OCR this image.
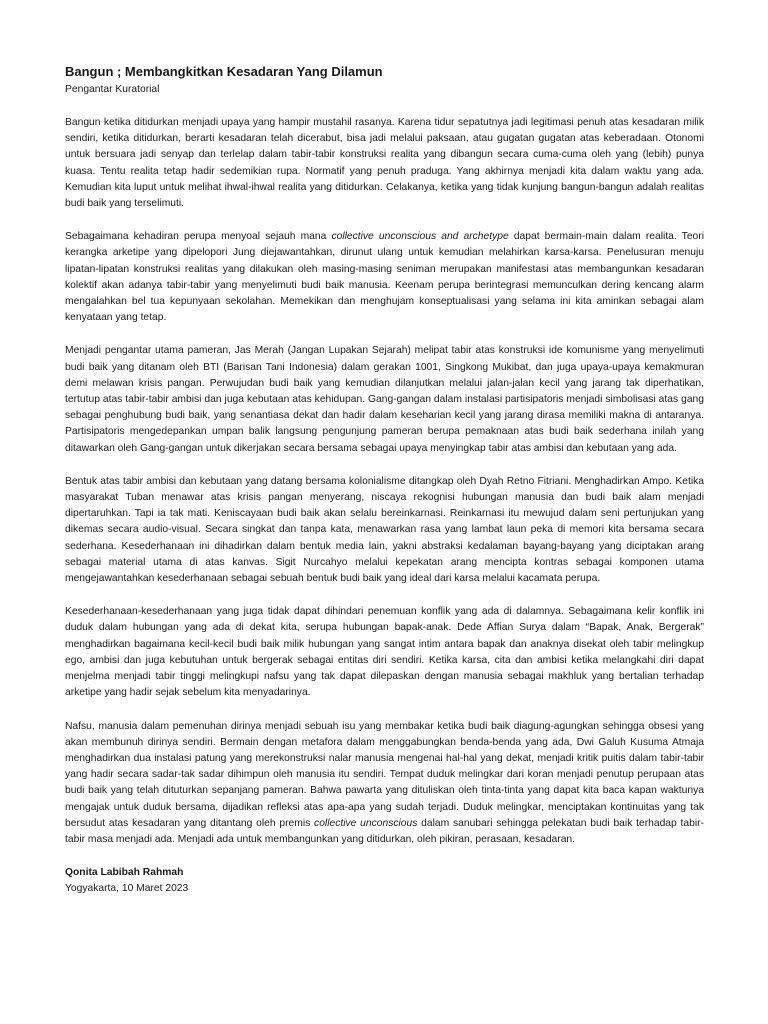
Bangun ; Membangkitkan Kesadaran Yang Dilamun

Pengantar Kuratorial

Bangun ketika ditidurkan menjadi upaya yang hampir mustahil rasanya. Karena tidur sepatutnya jadi legitimasi penuh atas kesadaran milik sendiri, ketika ditidurkan, berarti kesadaran telah dicerabut, bisa jadi melalui paksaan, atau gugatan gugatan atas keberadaan. Otonomi untuk bersuara jadi senyap dan terlelap dalam tabir-tabir konstruksi realita yang dibangun secara cuma-cuma oleh yang (lebih) punya kuasa. Tentu realita tetap hadir sedemikian rupa. Normatif yang penuh praduga. Yang akhirnya menjadi kita dalam waktu yang ada. Kemudian kita luput untuk melihat ihwal-ihwal realita yang ditidurkan. Celakanya, ketika yang tidak kunjung bangun-bangun adalah realitas budi baik yang terselimuti.

Sebagaimana kehadiran perupa menyoal sejauh mana collective unconscious and archetype dapat bermain-main dalam realita. Teori kerangka arketipe yang dipelopori Jung diejawantahkan, dirunut ulang untuk kemudian melahirkan karsa-karsa. Penelusuran menuju lipatan-lipatan konstruksi realitas yang dilakukan oleh masing-masing seniman merupakan manifestasi atas membangunkan kesadaran kolektif akan adanya tabir-tabir yang menyelimuti budi baik manusia. Keenam perupa berintegrasi memunculkan dering kencang alarm mengalahkan bel tua kepunyaan sekolahan. Memekikan dan menghujam konseptualisasi yang selama ini kita aminkan sebagai alam kenyataan yang tetap.

Menjadi pengantar utama pameran, Jas Merah (Jangan Lupakan Sejarah) melipat tabir atas konstruksi ide komunisme yang menyelimuti budi baik yang ditanam oleh BTI (Barisan Tani Indonesia) dalam gerakan 1001, Singkong Mukibat, dan juga upaya-upaya kemakmuran demi melawan krisis pangan. Perwujudan budi baik yang kemudian dilanjutkan melalui jalan-jalan kecil yang jarang tak diperhatikan, tertutup atas tabir-tabir ambisi dan juga kebutaan atas kehidupan. Gang-gangan dalam instalasi partisipatoris menjadi simbolisasi atas gang sebagai penghubung budi baik, yang senantiasa dekat dan hadir dalam keseharian kecil yang jarang dirasa memiliki makna di antaranya. Partisipatoris mengedepankan umpan balik langsung pengunjung pameran berupa pemaknaan atas budi baik sederhana inilah yang ditawarkan oleh Gang-gangan untuk dikerjakan secara bersama sebagai upaya menyingkap tabir atas ambisi dan kebutaan yang ada.

Bentuk atas tabir ambisi dan kebutaan yang datang bersama kolonialisme ditangkap oleh Dyah Retno Fitriani. Menghadirkan Ampo. Ketika masyarakat Tuban menawar atas krisis pangan menyerang, niscaya rekognisi hubungan manusia dan budi baik alam menjadi dipertaruhkan. Tapi ia tak mati. Keniscayaan budi baik akan selalu bereinkarnasi. Reinkarnasi itu mewujud dalam seni pertunjukan yang dikemas secara audio-visual. Secara singkat dan tanpa kata, menawarkan rasa yang lambat laun peka di memori kita bersama secara sederhana. Kesederhanaan ini dihadirkan dalam bentuk media lain, yakni abstraksi kedalaman bayang-bayang yang diciptakan arang sebagai material utama di atas kanvas. Sigit Nurcahyo melalui kepekatan arang mencipta kontras sebagai komponen utama mengejawantahkan kesederhanaan sebagai sebuah bentuk budi baik yang ideal dari karsa melalui kacamata perupa.

Kesederhanaan-kesederhanaan yang juga tidak dapat dihindari penemuan konflik yang ada di dalamnya. Sebagaimana kelir konflik ini duduk dalam hubungan yang ada di dekat kita, serupa hubungan bapak-anak. Dede Affian Surya dalam “Bapak, Anak, Bergerak” menghadirkan bagaimana kecil-kecil budi baik milik hubungan yang sangat intim antara bapak dan anaknya disekat oleh tabir melingkup ego, ambisi dan juga kebutuhan untuk bergerak sebagai entitas diri sendiri. Ketika karsa, cita dan ambisi ketika melangkahi diri dapat menjelma menjadi tabir tinggi melingkupi nafsu yang tak dapat dilepaskan dengan manusia sebagai makhluk yang bertalian terhadap arketipe yang hadir sejak sebelum kita menyadarinya.

Nafsu, manusia dalam pemenuhan dirinya menjadi sebuah isu yang membakar ketika budi baik diagung-agungkan sehingga obsesi yang akan membunuh dirinya sendiri. Bermain dengan metafora dalam menggabungkan benda-benda yang ada, Dwi Galuh Kusuma Atmaja menghadirkan dua instalasi patung yang merekonstruksi nalar manusia mengenai hal-hal yang dekat, menjadi kritik puitis dalam tabir-tabir yang hadir secara sadar-tak sadar dihimpun oleh manusia itu sendiri. Tempat duduk melingkar dari koran menjadi penutup perupaan atas budi baik yang telah dituturkan sepanjang pameran. Bahwa pawarta yang dituliskan oleh tinta-tinta yang dapat kita baca kapan waktunya mengajak untuk duduk bersama, dijadikan refleksi atas apa-apa yang sudah terjadi. Duduk melingkar, menciptakan kontinuitas yang tak bersudut atas kesadaran yang ditantang oleh premis collective unconscious dalam sanubari sehingga pelekatan budi baik terhadap tabir-tabir masa menjadi ada. Menjadi ada untuk membangunkan yang ditidurkan, oleh pikiran, perasaan, kesadaran.

Qonita Labibah Rahmah

Yogyakarta, 10 Maret 2023
